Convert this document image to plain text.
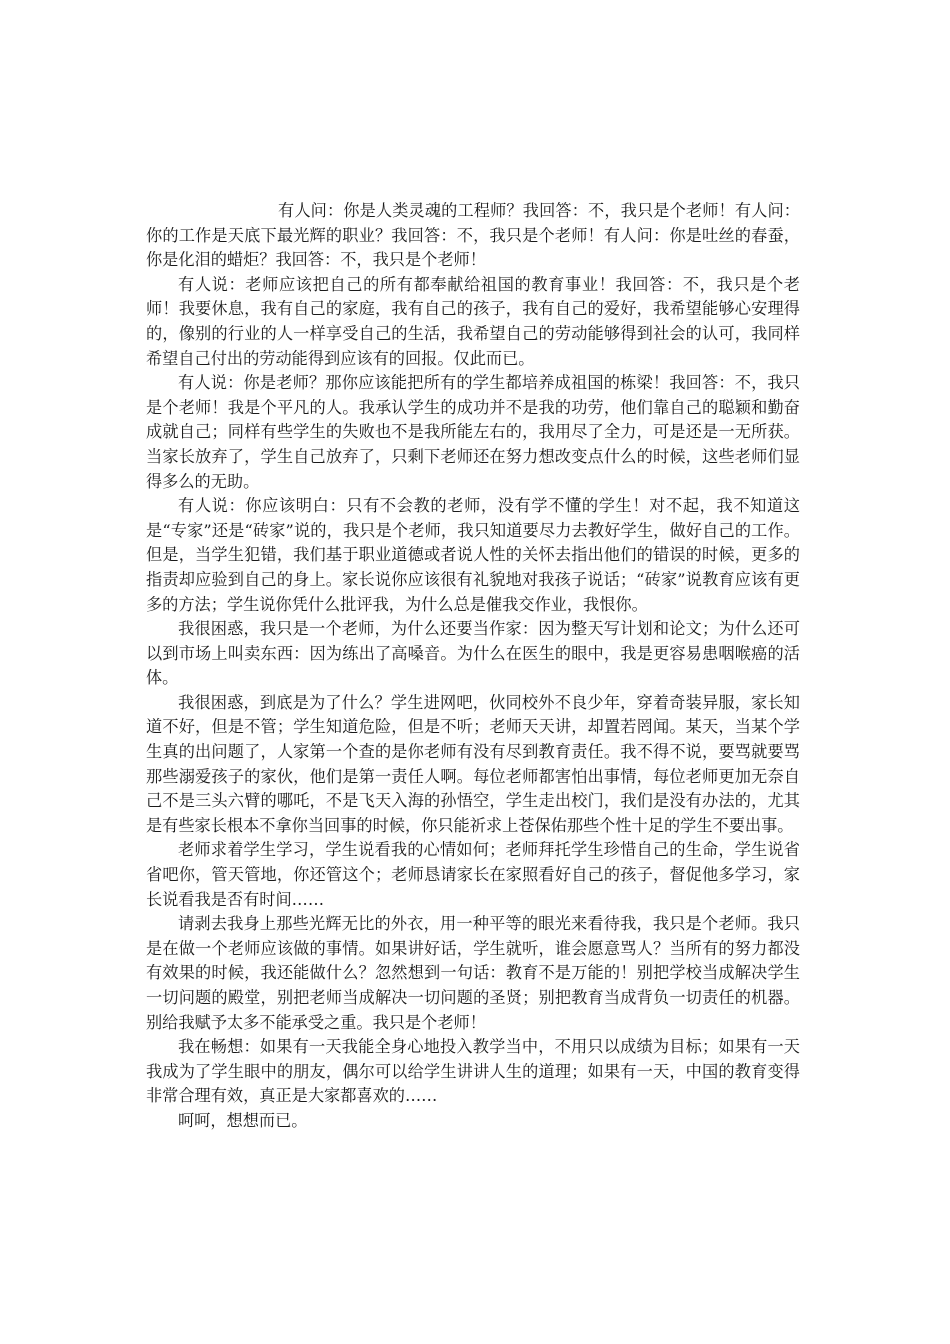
有人问：你是人类灵魂的工程师？我回答：不，我只是个老师！有人问：你的工作是天底下最光辉的职业？我回答：不，我只是个老师！有人问：你是吐丝的春蚕，你是化泪的蜡炬？我回答：不，我只是个老师！

有人说：老师应该把自己的所有都奉献给祖国的教育事业！我回答：不，我只是个老师！我要休息，我有自己的家庭，我有自己的孩子，我有自己的爱好，我希望能够心安理得的，像别的行业的人一样享受自己的生活，我希望自己的劳动能够得到社会的认可，我同样希望自己付出的劳动能得到应该有的回报。仅此而已。

有人说：你是老师？那你应该能把所有的学生都培养成祖国的栋梁！我回答：不，我只是个老师！我是个平凡的人。我承认学生的成功并不是我的功劳，他们靠自己的聪颖和勤奋成就自己；同样有些学生的失败也不是我所能左右的，我用尽了全力，可是还是一无所获。当家长放弃了，学生自己放弃了，只剩下老师还在努力想改变点什么的时候，这些老师们显得多么的无助。

有人说：你应该明白：只有不会教的老师，没有学不懂的学生！对不起，我不知道这是“专家”还是“砖家”说的，我只是个老师，我只知道要尽力去教好学生，做好自己的工作。但是，当学生犯错，我们基于职业道德或者说人性的关怀去指出他们的错误的时候，更多的指责却应验到自己的身上。家长说你应该很有礼貌地对我孩子说话；“砖家”说教育应该有更多的方法；学生说你凭什么批评我，为什么总是催我交作业，我恨你。

我很困惑，我只是一个老师，为什么还要当作家：因为整天写计划和论文；为什么还可以到市场上叫卖东西：因为练出了高嗓音。为什么在医生的眼中，我是更容易患咽喉癌的活体。

我很困惑，到底是为了什么？学生进网吧，伙同校外不良少年，穿着奇装异服，家长知道不好，但是不管；学生知道危险，但是不听；老师天天讲，却置若罔闻。某天，当某个学生真的出问题了，人家第一个查的是你老师有没有尽到教育责任。我不得不说，要骂就要骂那些溺爱孩子的家伙，他们是第一责任人啊。每位老师都害怕出事情，每位老师更加无奈自己不是三头六臂的哪吒，不是飞天入海的孙悟空，学生走出校门，我们是没有办法的，尤其是有些家长根本不拿你当回事的时候，你只能祈求上苍保佑那些个性十足的学生不要出事。

老师求着学生学习，学生说看我的心情如何；老师拜托学生珍惜自己的生命，学生说省省吧你，管天管地，你还管这个；老师恳请家长在家照看好自己的孩子，督促他多学习，家长说看我是否有时间……

请剥去我身上那些光辉无比的外衣，用一种平等的眼光来看待我，我只是个老师。我只是在做一个老师应该做的事情。如果讲好话，学生就听，谁会愿意骂人？当所有的努力都没有效果的时候，我还能做什么？忽然想到一句话：教育不是万能的！别把学校当成解决学生一切问题的殿堂，别把老师当成解决一切问题的圣贤；别把教育当成背负一切责任的机器。别给我赋予太多不能承受之重。我只是个老师！

我在畅想：如果有一天我能全身心地投入教学当中，不用只以成绩为目标；如果有一天我成为了学生眼中的朋友，偶尔可以给学生讲讲人生的道理；如果有一天，中国的教育变得非常合理有效，真正是大家都喜欢的……

呵呵，想想而已。
